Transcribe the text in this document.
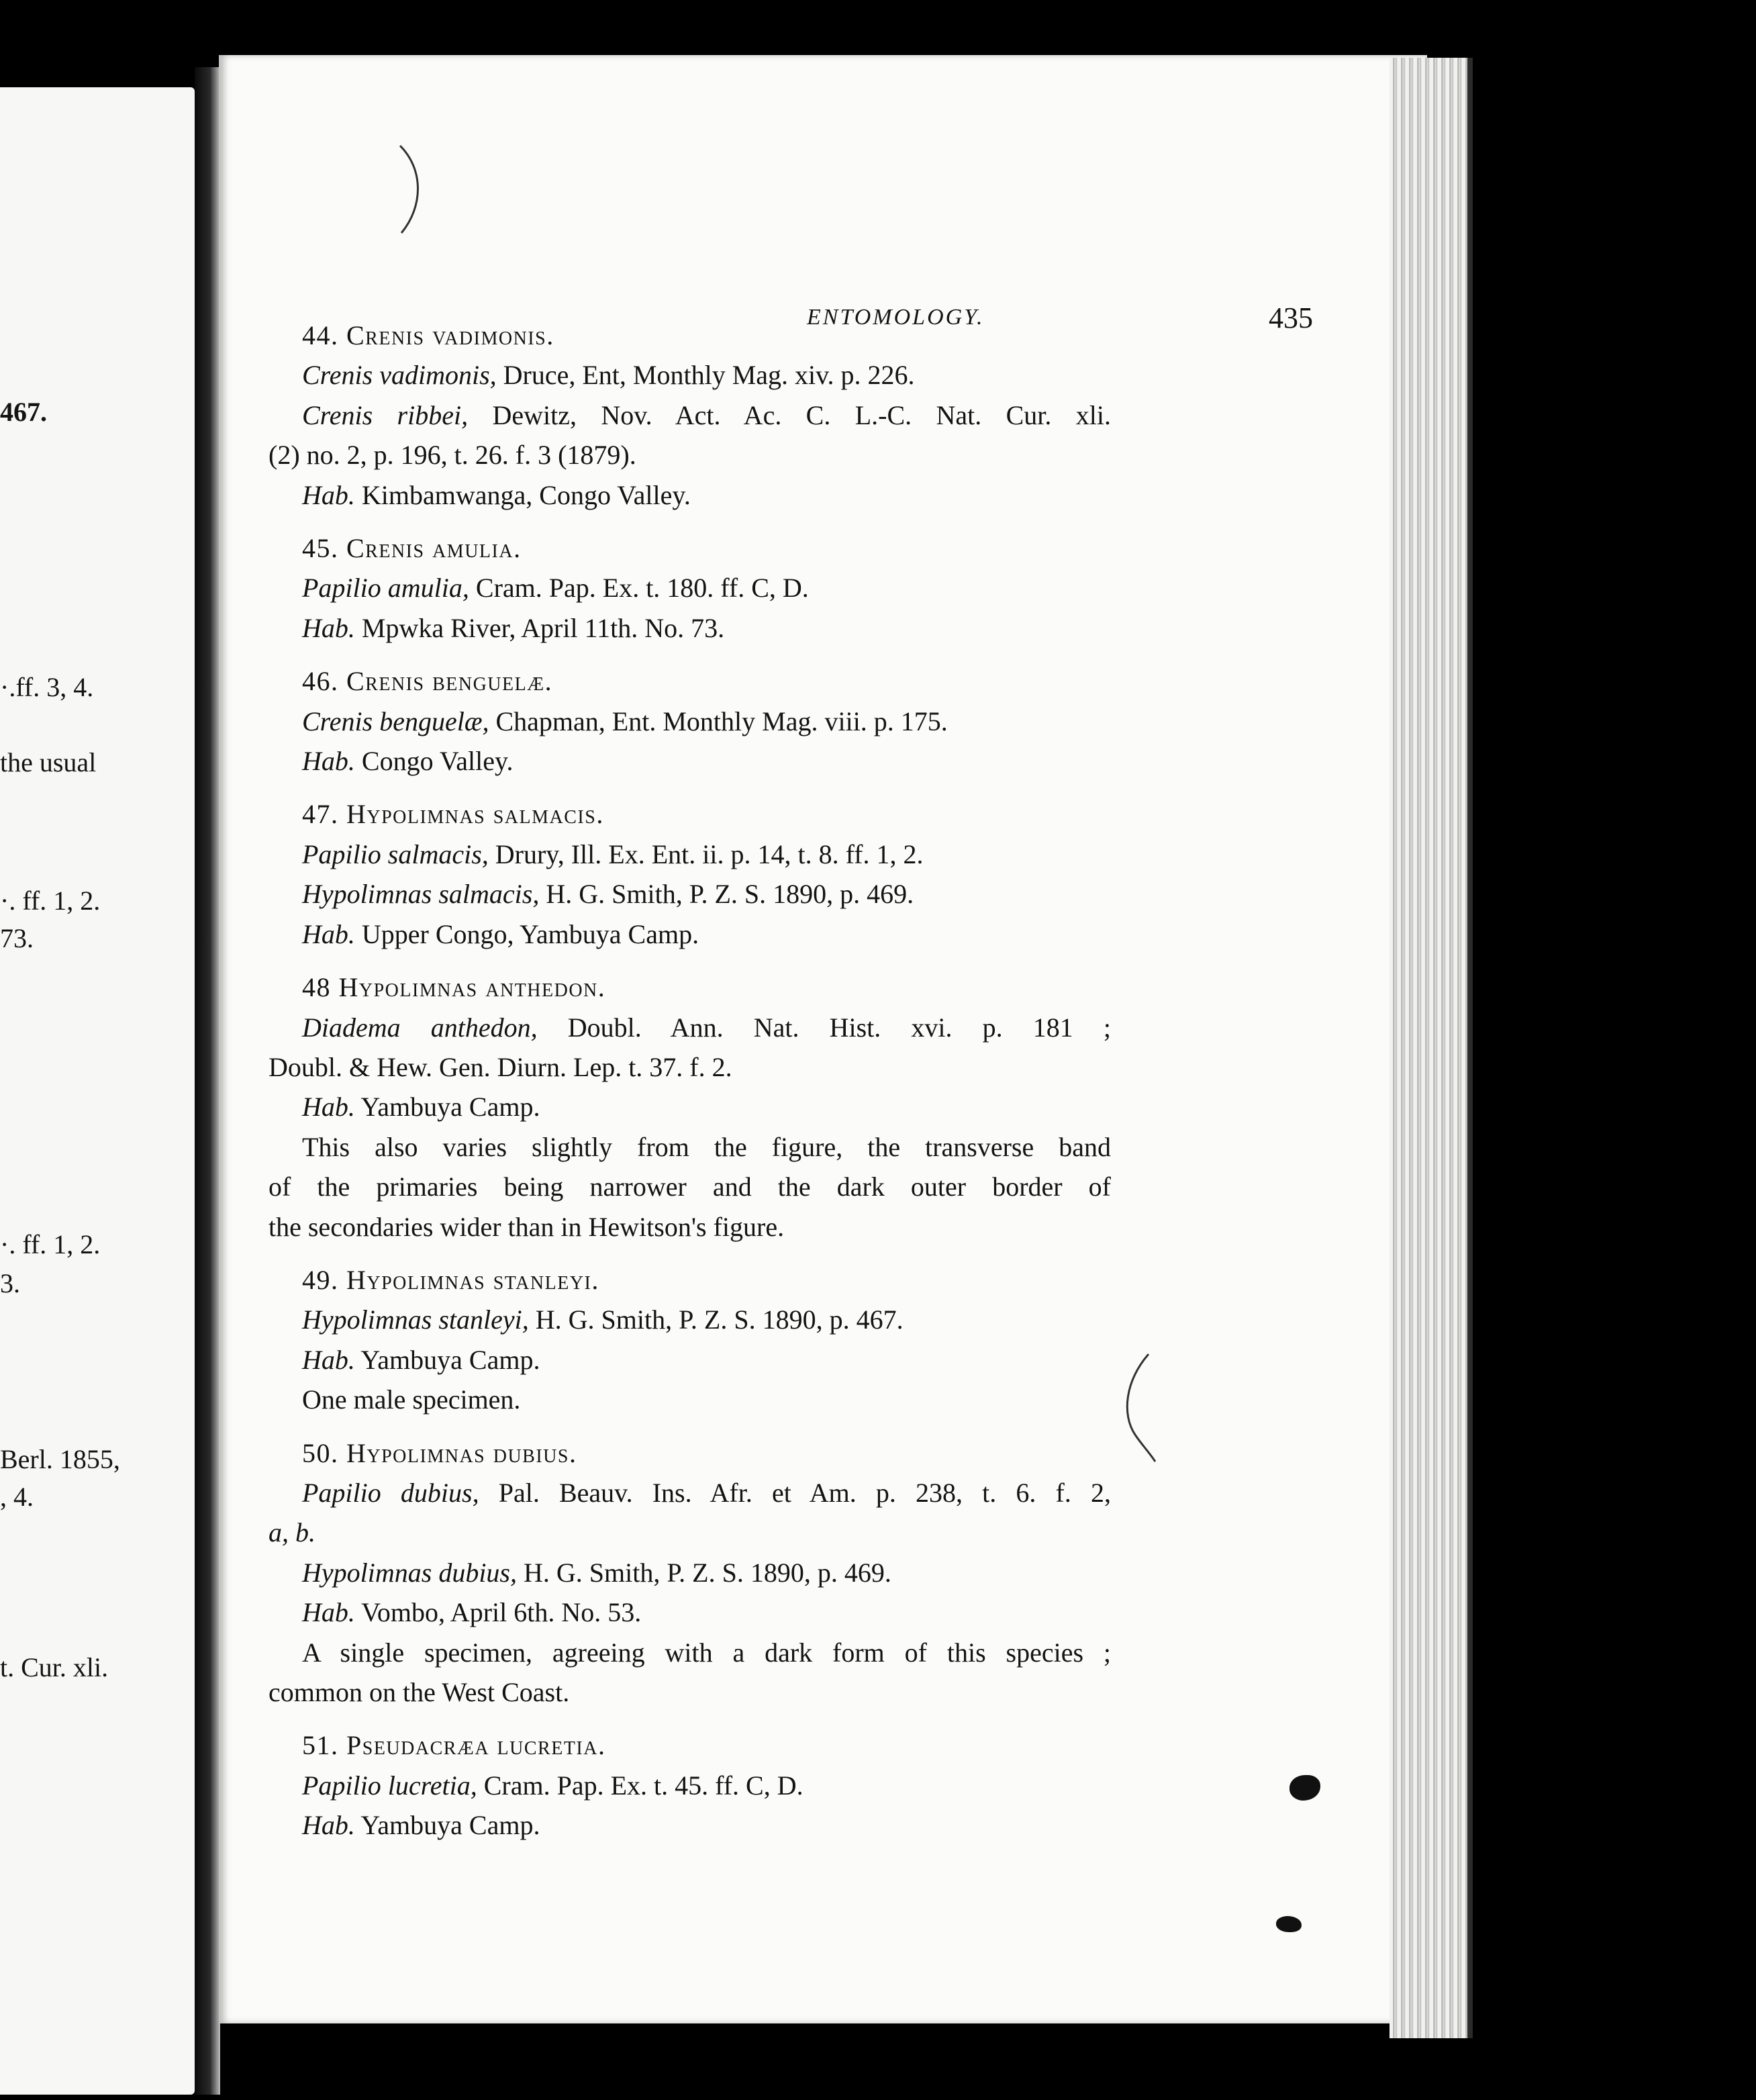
467.
·.ff. 3, 4.
the usual
·. ff. 1, 2.
73.
·. ff. 1, 2.
3.
Berl. 1855,
, 4.
t. Cur. xli.
ENTOMOLOGY.	435
44. Crenis vadimonis.
Crenis vadimonis, Druce, Ent, Monthly Mag. xiv. p. 226.
Crenis ribbei, Dewitz, Nov. Act. Ac. C. L.-C. Nat. Cur. xli.
(2) no. 2, p. 196, t. 26. f. 3 (1879).
Hab. Kimbamwanga, Congo Valley.
45. Crenis amulia.
Papilio amulia, Cram. Pap. Ex. t. 180. ff. C, D.
Hab. Mpwka River, April 11th. No. 73.
46. Crenis benguelæ.
Crenis benguelæ, Chapman, Ent. Monthly Mag. viii. p. 175.
Hab. Congo Valley.
47. Hypolimnas salmacis.
Papilio salmacis, Drury, Ill. Ex. Ent. ii. p. 14, t. 8. ff. 1, 2.
Hypolimnas salmacis, H. G. Smith, P. Z. S. 1890, p. 469.
Hab. Upper Congo, Yambuya Camp.
48 Hypolimnas anthedon.
Diadema anthedon, Doubl. Ann. Nat. Hist. xvi. p. 181 ;
Doubl. & Hew. Gen. Diurn. Lep. t. 37. f. 2.
Hab. Yambuya Camp.
This also varies slightly from the figure, the transverse band
of the primaries being narrower and the dark outer border of
the secondaries wider than in Hewitson's figure.
49. Hypolimnas stanleyi.
Hypolimnas stanleyi, H. G. Smith, P. Z. S. 1890, p. 467.
Hab. Yambuya Camp.
One male specimen.
50. Hypolimnas dubius.
Papilio dubius, Pal. Beauv. Ins. Afr. et Am. p. 238, t. 6. f. 2,
a, b.
Hypolimnas dubius, H. G. Smith, P. Z. S. 1890, p. 469.
Hab. Vombo, April 6th. No. 53.
A single specimen, agreeing with a dark form of this species ;
common on the West Coast.
51. Pseudacræa lucretia.
Papilio lucretia, Cram. Pap. Ex. t. 45. ff. C, D.
Hab. Yambuya Camp.
